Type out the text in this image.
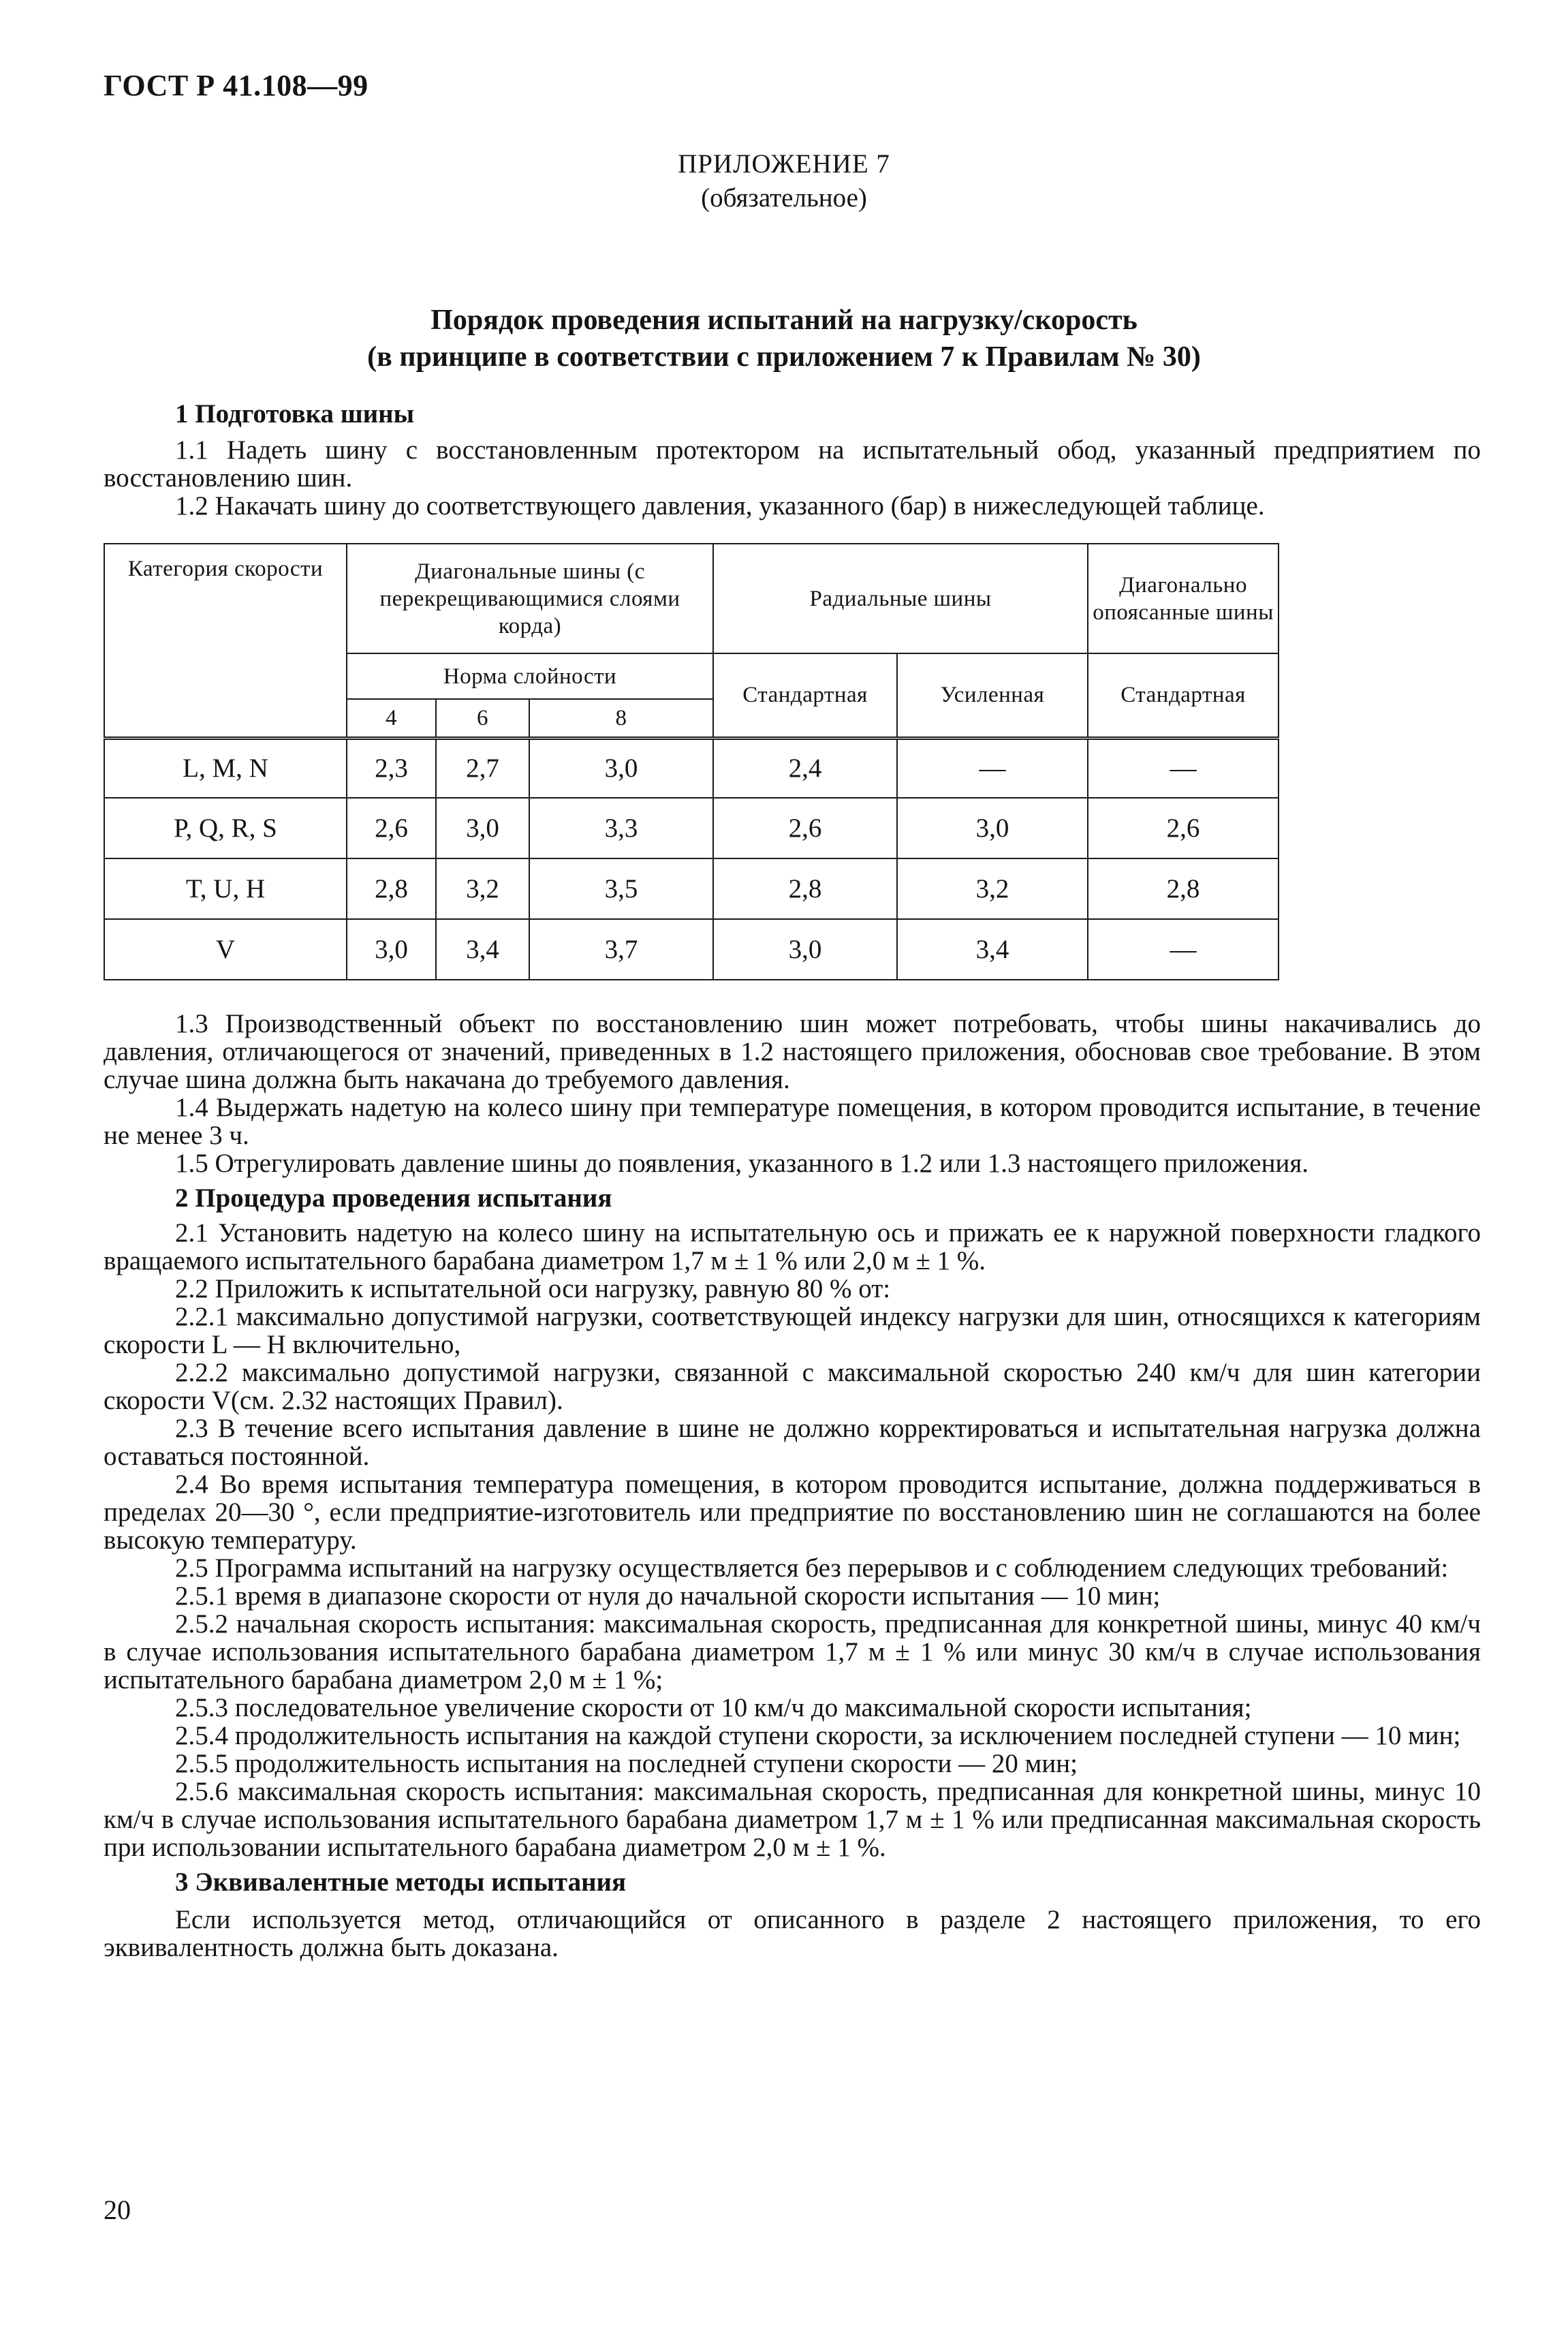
ГОСТ Р 41.108—99
ПРИЛОЖЕНИЕ 7
(обязательное)
Порядок проведения испытаний на нагрузку/скорость
(в принципе в соответствии с приложением 7 к Правилам № 30)
1 Подготовка шины

1.1 Надеть шину с восстановленным протектором на испытательный обод, указанный предприятием по восстановлению шин.

1.2 Накачать шину до соответствующего давления, указанного (бар) в нижеследующей таблице.

Категория скорости	Диагональные шины (с перекрещивающимися слоями корда)			Радиальные шины		Диагонально опоясанные шины
	Норма слойности			Стандартная	Усиленная	Стандартная
	4	6	8			
L, M, N	2,3	2,7	3,0	2,4	—	—
P, Q, R, S	2,6	3,0	3,3	2,6	3,0	2,6
T, U, H	2,8	3,2	3,5	2,8	3,2	2,8
V	3,0	3,4	3,7	3,0	3,4	—

1.3 Производственный объект по восстановлению шин может потребовать, чтобы шины накачивались до давления, отличающегося от значений, приведенных в 1.2 настоящего приложения, обосновав свое требование. В этом случае шина должна быть накачана до требуемого давления.

1.4 Выдержать надетую на колесо шину при температуре помещения, в котором проводится испытание, в течение не менее 3 ч.

1.5 Отрегулировать давление шины до появления, указанного в 1.2 или 1.3 настоящего приложения.

2 Процедура проведения испытания

2.1 Установить надетую на колесо шину на испытательную ось и прижать ее к наружной поверхности гладкого вращаемого испытательного барабана диаметром 1,7 м ± 1 % или 2,0 м ± 1 %.

2.2 Приложить к испытательной оси нагрузку, равную 80 % от:

2.2.1 максимально допустимой нагрузки, соответствующей индексу нагрузки для шин, относящихся к категориям скорости L — H включительно,

2.2.2 максимально допустимой нагрузки, связанной с максимальной скоростью 240 км/ч для шин категории скорости V(см. 2.32 настоящих Правил).

2.3 В течение всего испытания давление в шине не должно корректироваться и испытательная нагрузка должна оставаться постоянной.

2.4 Во время испытания температура помещения, в котором проводится испытание, должна поддерживаться в пределах 20—30 °, если предприятие-изготовитель или предприятие по восстановлению шин не соглашаются на более высокую температуру.

2.5 Программа испытаний на нагрузку осуществляется без перерывов и с соблюдением следующих требований:

2.5.1 время в диапазоне скорости от нуля до начальной скорости испытания — 10 мин;

2.5.2 начальная скорость испытания: максимальная скорость, предписанная для конкретной шины, минус 40 км/ч в случае использования испытательного барабана диаметром 1,7 м ± 1 % или минус 30 км/ч в случае использования испытательного барабана диаметром 2,0 м ± 1 %;

2.5.3 последовательное увеличение скорости от 10 км/ч до максимальной скорости испытания;

2.5.4 продолжительность испытания на каждой ступени скорости, за исключением последней ступени — 10 мин;

2.5.5 продолжительность испытания на последней ступени скорости — 20 мин;

2.5.6 максимальная скорость испытания: максимальная скорость, предписанная для конкретной шины, минус 10 км/ч в случае использования испытательного барабана диаметром 1,7 м ± 1 % или предписанная максимальная скорость при использовании испытательного барабана диаметром 2,0 м ± 1 %.

3 Эквивалентные методы испытания

Если используется метод, отличающийся от описанного в разделе 2 настоящего приложения, то его эквивалентность должна быть доказана.

20
